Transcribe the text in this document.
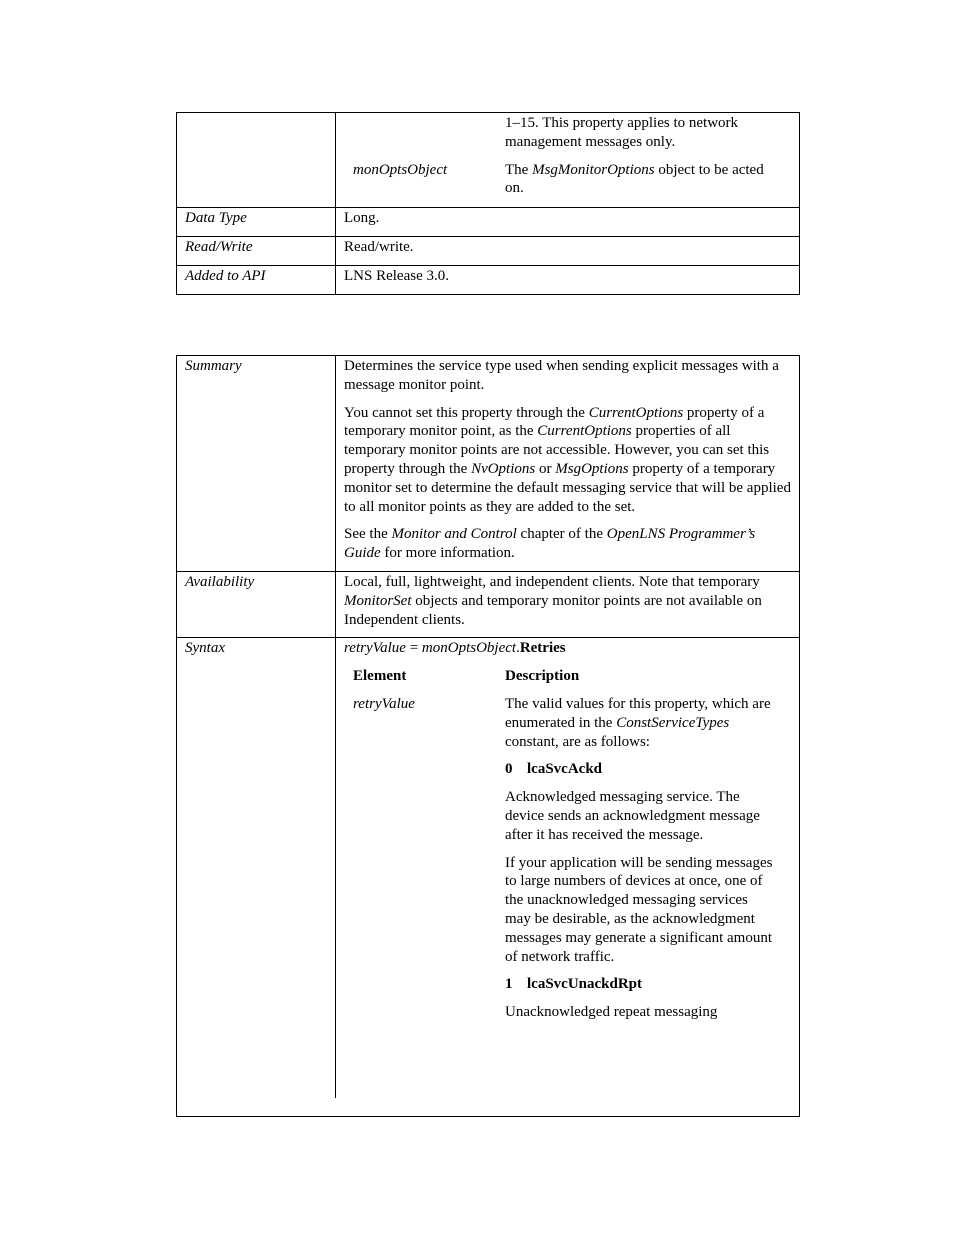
1–15. This property applies to network management messages only.

monOptsObject	The MsgMonitorOptions object to be acted on.
Data Type	Long.
Read/Write	Read/write.
Added to API	LNS Release 3.0.
Summary	Determines the service type used when sending explicit messages with a message monitor point.

You cannot set this property through the CurrentOptions property of a temporary monitor point, as the CurrentOptions properties of all temporary monitor points are not accessible. However, you can set this property through the NvOptions or MsgOptions property of a temporary monitor set to determine the default messaging service that will be applied to all monitor points as they are added to the set.

See the Monitor and Control chapter of the OpenLNS Programmer’s Guide for more information.

Availability	Local, full, lightweight, and independent clients. Note that temporary MonitorSet objects and temporary monitor points are not available on Independent clients.
Syntax	retryValue = monOptsObject.Retries

Element	Description
retryValue	The valid values for this property, which are enumerated in the ConstServiceTypes constant, are as follows:

0 lcaSvcAckd

Acknowledged messaging service. The device sends an acknowledgment message after it has received the message.

If your application will be sending messages to large numbers of devices at once, one of the unacknowledged messaging services may be desirable, as the acknowledgment messages may generate a significant amount of network traffic.

1 lcaSvcUnackdRpt

Unacknowledged repeat messaging
